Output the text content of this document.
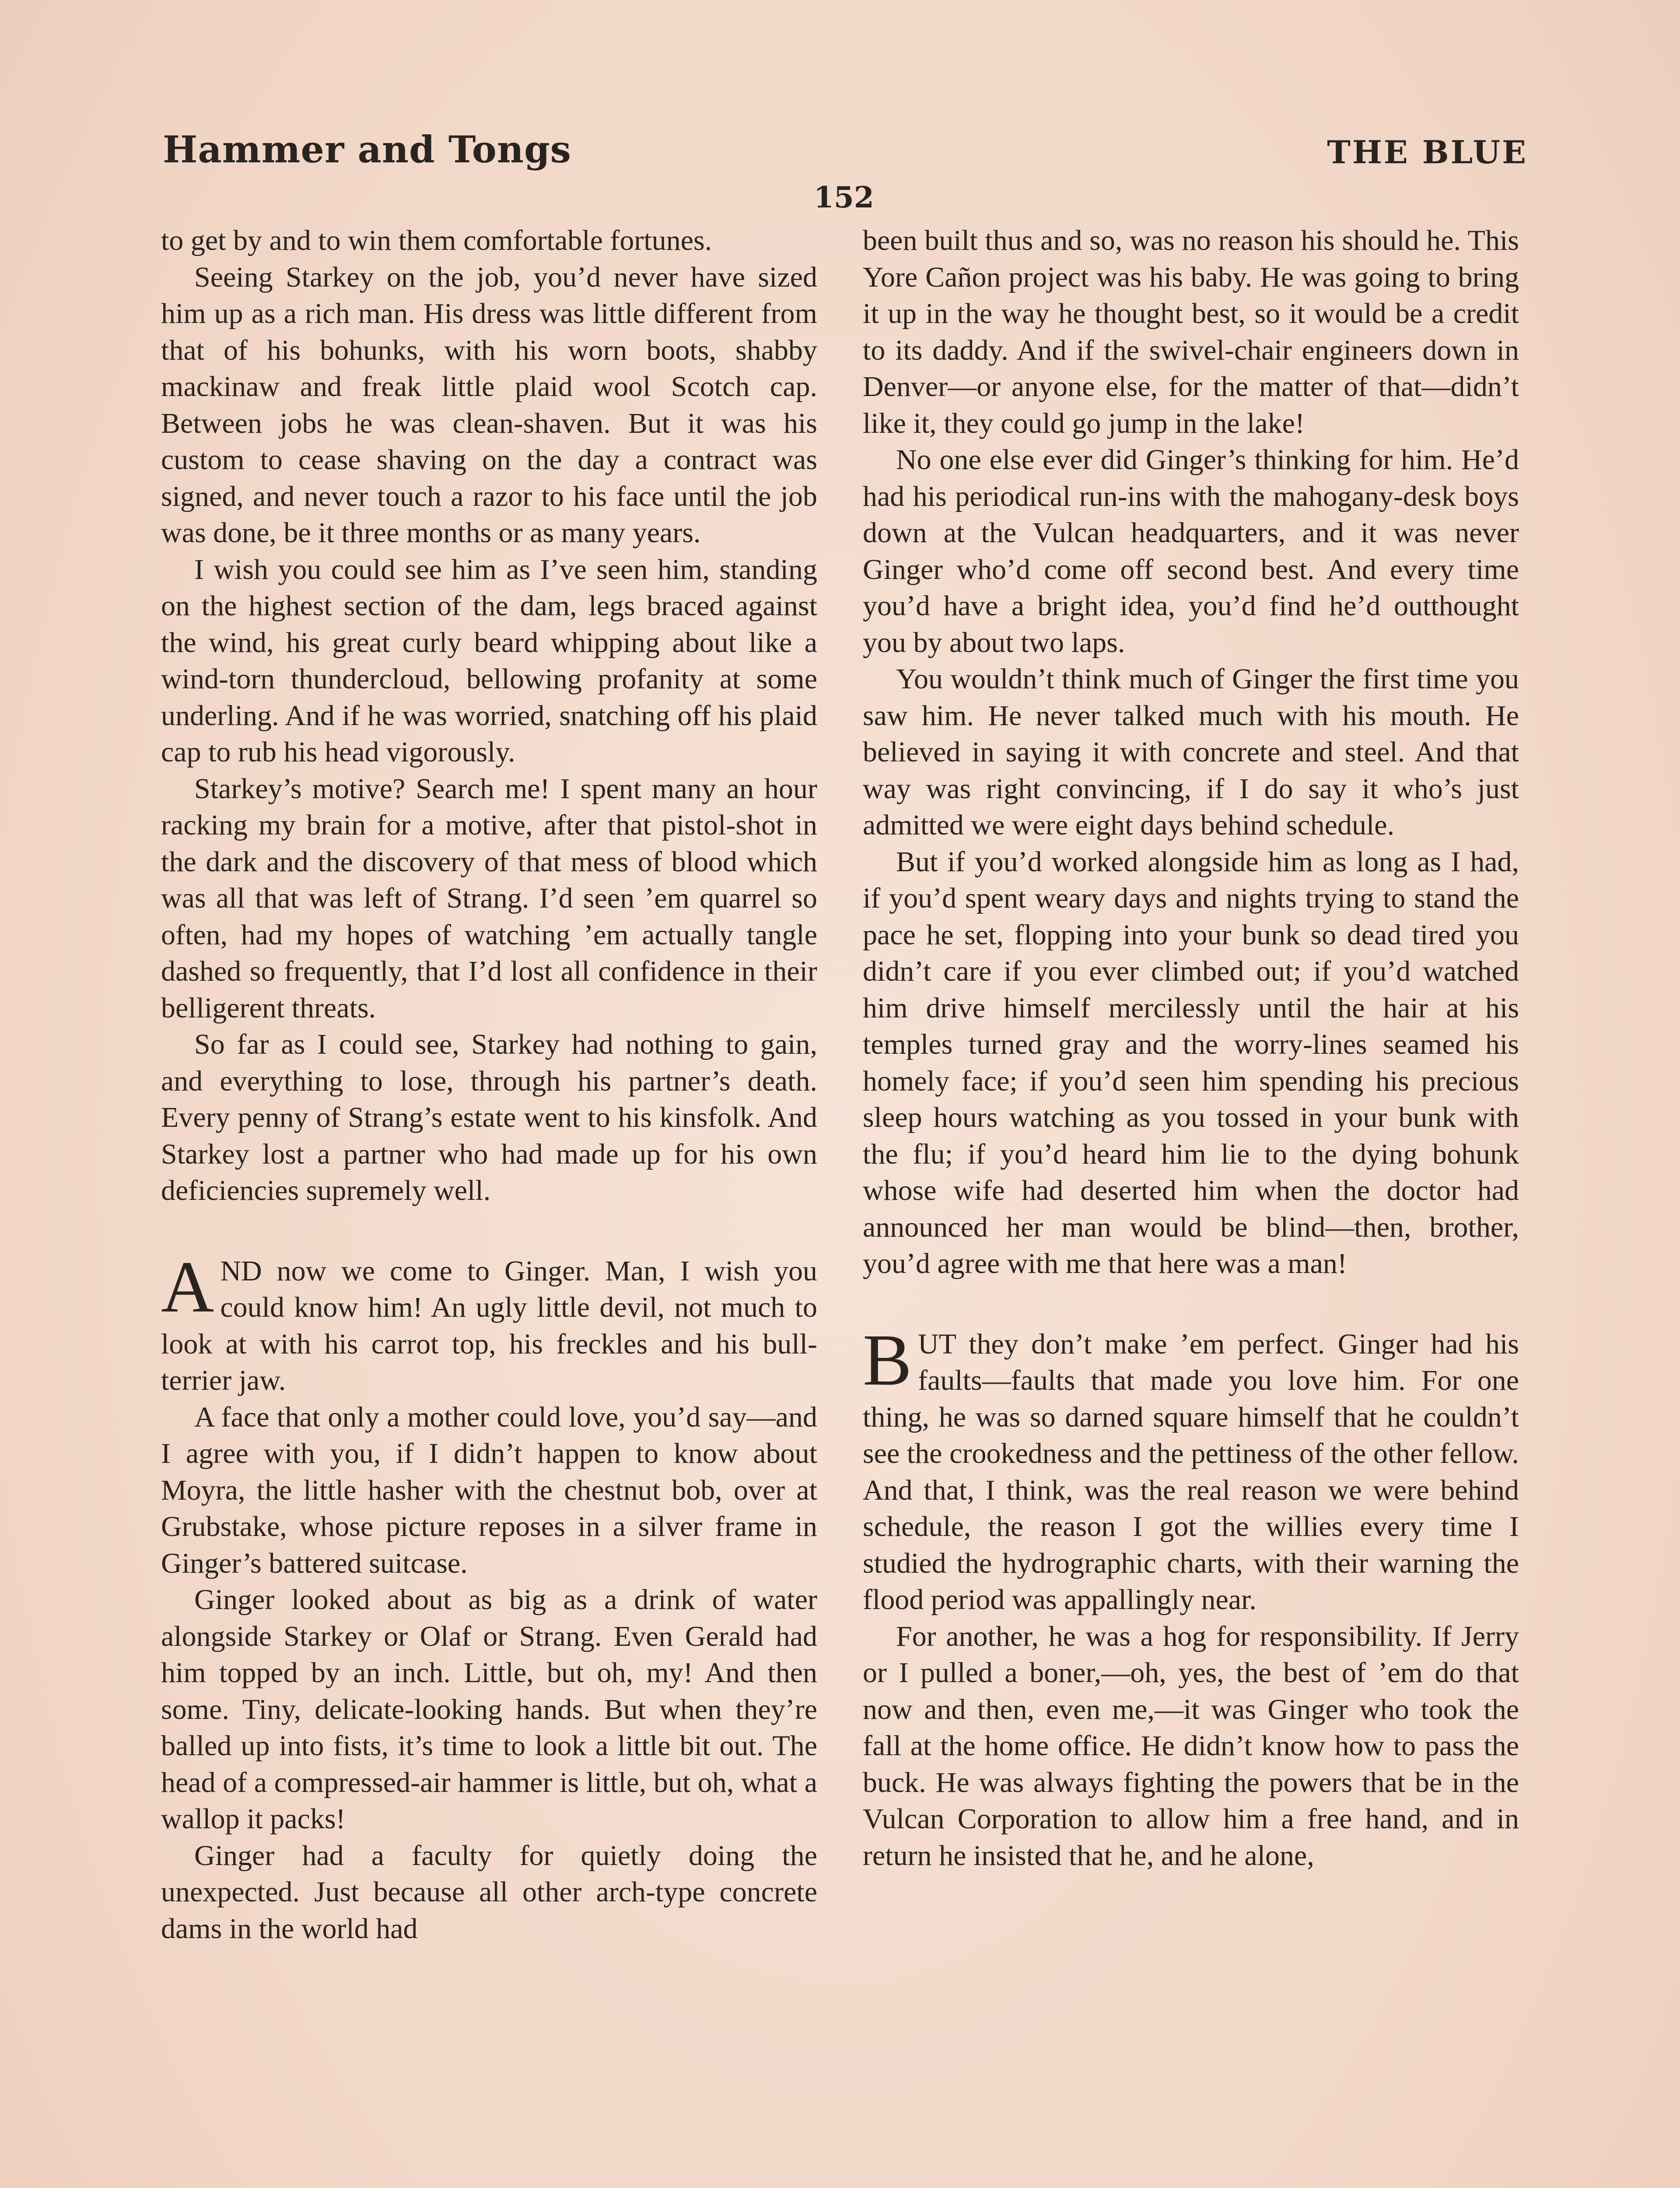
Hammer and Tongs	THE BLUE
152

to get by and to win them comfortable fortunes.

Seeing Starkey on the job, you’d never have sized him up as a rich man. His dress was little different from that of his bohunks, with his worn boots, shabby mackinaw and freak little plaid wool Scotch cap. Between jobs he was clean-shaven. But it was his custom to cease shaving on the day a contract was signed, and never touch a razor to his face until the job was done, be it three months or as many years.

I wish you could see him as I’ve seen him, standing on the highest section of the dam, legs braced against the wind, his great curly beard whipping about like a wind-torn thundercloud, bellowing profanity at some underling. And if he was worried, snatching off his plaid cap to rub his head vigorously.

Starkey’s motive? Search me! I spent many an hour racking my brain for a motive, after that pistol-shot in the dark and the discovery of that mess of blood which was all that was left of Strang. I’d seen ’em quarrel so often, had my hopes of watching ’em actually tangle dashed so frequently, that I’d lost all confidence in their belligerent threats.

So far as I could see, Starkey had nothing to gain, and everything to lose, through his partner’s death. Every penny of Strang’s estate went to his kinsfolk. And Starkey lost a partner who had made up for his own deficiencies supremely well.

AND now we come to Ginger. Man, I wish you could know him! An ugly little devil, not much to look at with his carrot top, his freckles and his bull-terrier jaw.

A face that only a mother could love, you’d say—and I agree with you, if I didn’t happen to know about Moyra, the little hasher with the chestnut bob, over at Grubstake, whose picture reposes in a silver frame in Ginger’s battered suitcase.

Ginger looked about as big as a drink of water alongside Starkey or Olaf or Strang. Even Gerald had him topped by an inch. Little, but oh, my! And then some. Tiny, delicate-looking hands. But when they’re balled up into fists, it’s time to look a little bit out. The head of a compressed-air hammer is little, but oh, what a wallop it packs!

Ginger had a faculty for quietly doing the unexpected. Just because all other arch-type concrete dams in the world had

been built thus and so, was no reason his should he. This Yore Cañon project was his baby. He was going to bring it up in the way he thought best, so it would be a credit to its daddy. And if the swivel-chair engineers down in Denver—or anyone else, for the matter of that—didn’t like it, they could go jump in the lake!

No one else ever did Ginger’s thinking for him. He’d had his periodical run-ins with the mahogany-desk boys down at the Vulcan headquarters, and it was never Ginger who’d come off second best. And every time you’d have a bright idea, you’d find he’d outthought you by about two laps.

You wouldn’t think much of Ginger the first time you saw him. He never talked much with his mouth. He believed in saying it with concrete and steel. And that way was right convincing, if I do say it who’s just admitted we were eight days behind schedule.

But if you’d worked alongside him as long as I had, if you’d spent weary days and nights trying to stand the pace he set, flopping into your bunk so dead tired you didn’t care if you ever climbed out; if you’d watched him drive himself mercilessly until the hair at his temples turned gray and the worry-lines seamed his homely face; if you’d seen him spending his precious sleep hours watching as you tossed in your bunk with the flu; if you’d heard him lie to the dying bohunk whose wife had deserted him when the doctor had announced her man would be blind—then, brother, you’d agree with me that here was a man!

BUT they don’t make ’em perfect. Ginger had his faults—faults that made you love him. For one thing, he was so darned square himself that he couldn’t see the crookedness and the pettiness of the other fellow. And that, I think, was the real reason we were behind schedule, the reason I got the willies every time I studied the hydrographic charts, with their warning the flood period was appallingly near.

For another, he was a hog for responsibility. If Jerry or I pulled a boner,—oh, yes, the best of ’em do that now and then, even me,—it was Ginger who took the fall at the home office. He didn’t know how to pass the buck. He was always fighting the powers that be in the Vulcan Corporation to allow him a free hand, and in return he insisted that he, and he alone,
